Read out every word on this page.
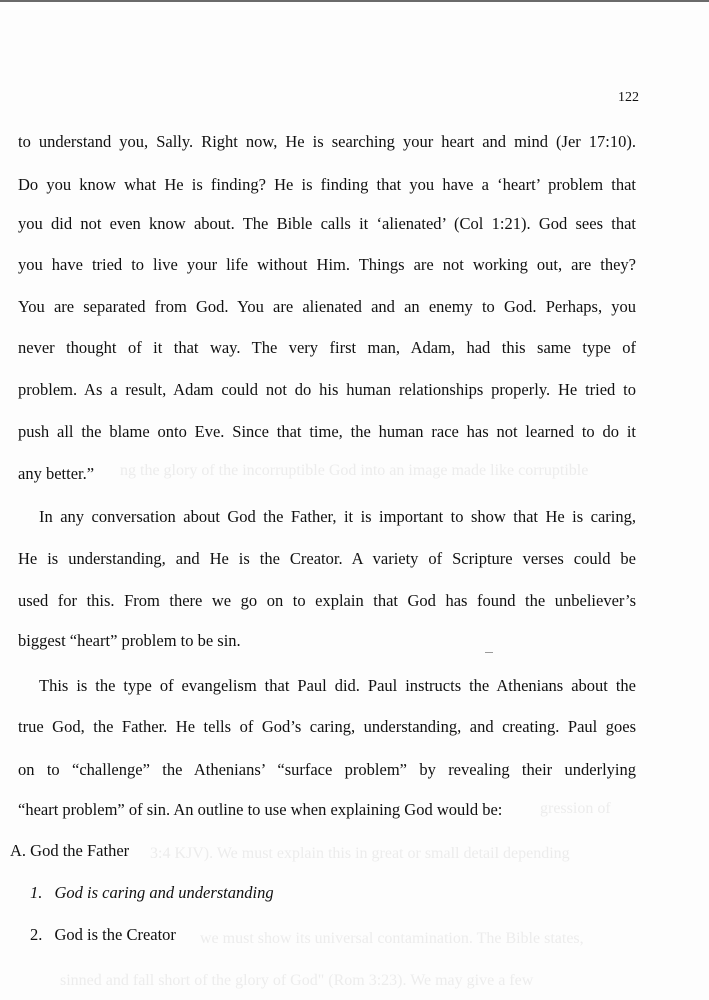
ng the glory of the incorruptible God into an image made like corruptible
gression of
3:4 KJV). We must explain this in great or small detail depending
we must show its universal contamination. The Bible states,
sinned and fall short of the glory of God" (Rom 3:23). We may give a few
122
to understand you, Sally. Right now, He is searching your heart and mind (Jer 17:10).
Do you know what He is finding? He is finding that you have a ‘heart’ problem that
you did not even know about. The Bible calls it ‘alienated’ (Col 1:21). God sees that
you have tried to live your life without Him. Things are not working out, are they?
You are separated from God. You are alienated and an enemy to God. Perhaps, you
never thought of it that way. The very first man, Adam, had this same type of
problem. As a result, Adam could not do his human relationships properly. He tried to
push all the blame onto Eve. Since that time, the human race has not learned to do it
any better.”
In any conversation about God the Father, it is important to show that He is caring,
He is understanding, and He is the Creator. A variety of Scripture verses could be
used for this. From there we go on to explain that God has found the unbeliever’s
biggest “heart” problem to be sin.
This is the type of evangelism that Paul did. Paul instructs the Athenians about the
true God, the Father. He tells of God’s caring, understanding, and creating. Paul goes
on to “challenge” the Athenians’ “surface problem” by revealing their underlying
“heart problem” of sin. An outline to use when explaining God would be:
A. God the Father
1. God is caring and understanding
2. God is the Creator
